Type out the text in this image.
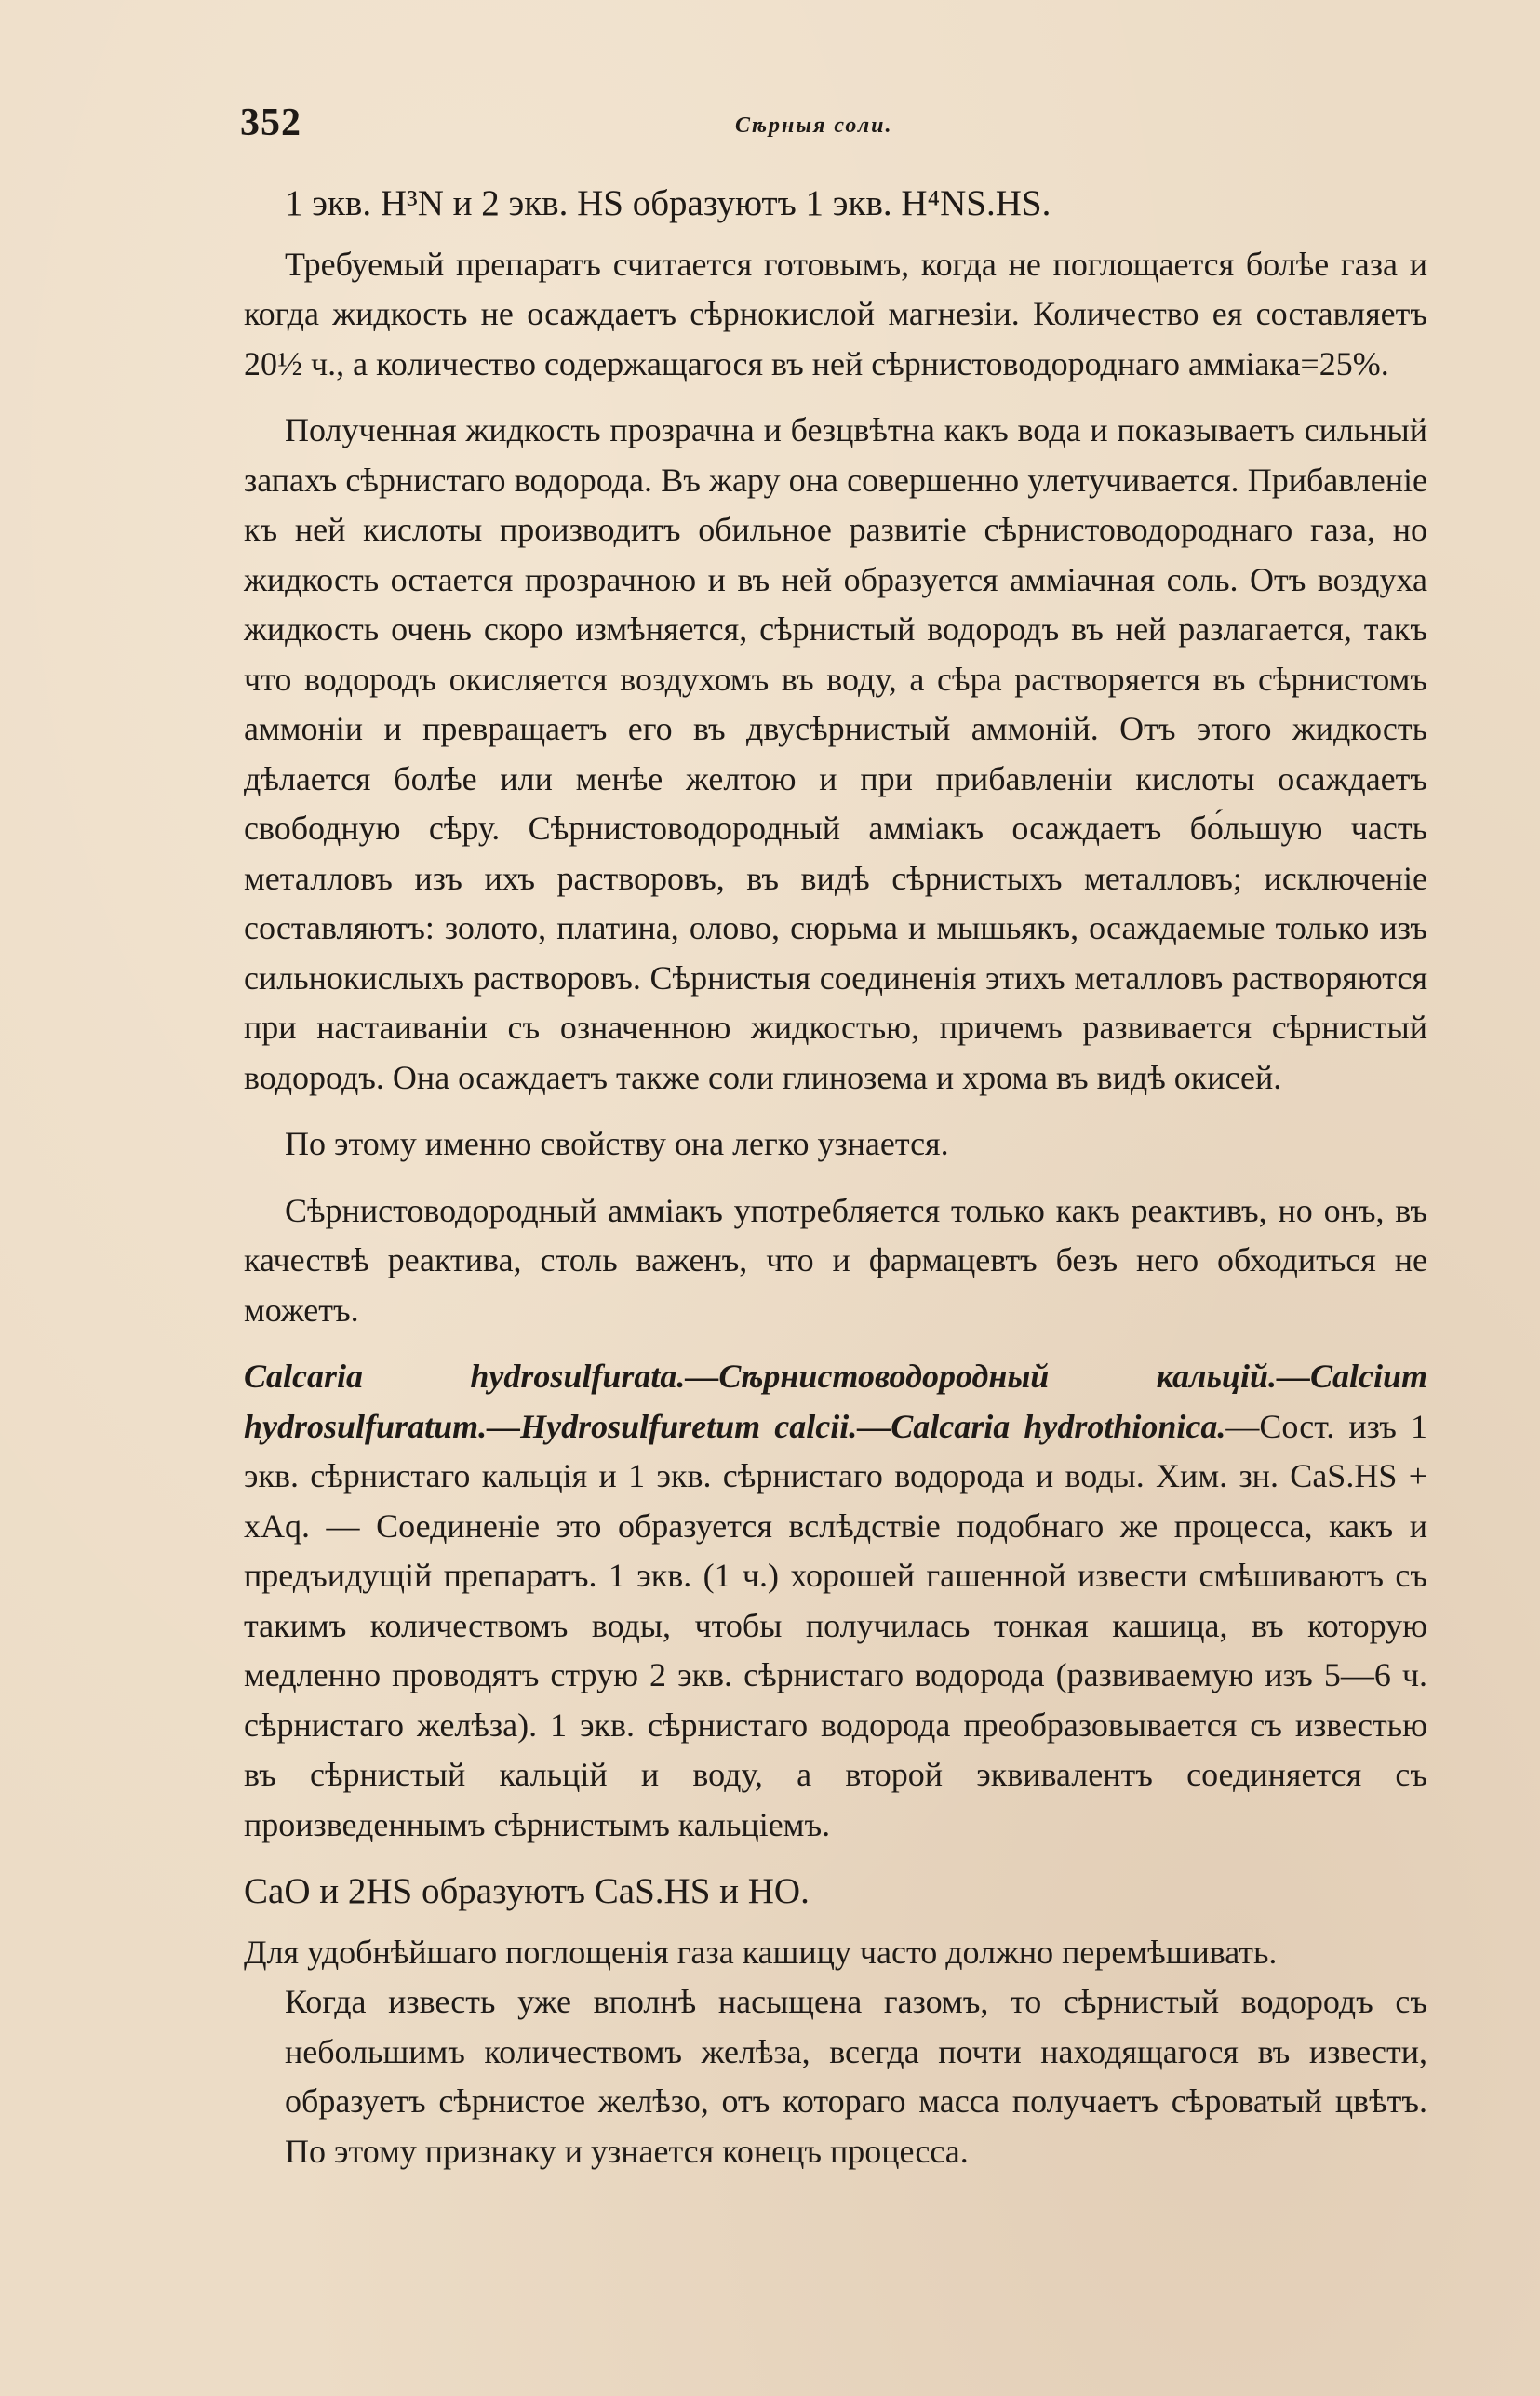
352	Сѣрныя соли.

1 экв. H³N и 2 экв. HS образуютъ 1 экв. H⁴NS.HS.

Требуемый препаратъ считается готовымъ, когда не поглощается болѣе газа и когда жидкость не осаждаетъ сѣрнокислой магнезіи. Количество ея составляетъ 20½ ч., а количество содержащагося въ ней сѣрнистоводороднаго амміака=25%.

Полученная жидкость прозрачна и безцвѣтна какъ вода и показываетъ сильный запахъ сѣрнистаго водорода. Въ жару она совершенно улетучивается. Прибавленіе къ ней кислоты производитъ обильное развитіе сѣрнистоводороднаго газа, но жидкость остается прозрачною и въ ней образуется амміачная соль. Отъ воздуха жидкость очень скоро измѣняется, сѣрнистый водородъ въ ней разлагается, такъ что водородъ окисляется воздухомъ въ воду, а сѣра растворяется въ сѣрнистомъ аммоніи и превращаетъ его въ двусѣрнистый аммоній. Отъ этого жидкость дѣлается болѣе или менѣе желтою и при прибавленіи кислоты осаждаетъ свободную сѣру. Сѣрнистоводородный амміакъ осаждаетъ бо́льшую часть металловъ изъ ихъ растворовъ, въ видѣ сѣрнистыхъ металловъ; исключеніе составляютъ: золото, платина, олово, сюрьма и мышьякъ, осаждаемые только изъ сильнокислыхъ растворовъ. Сѣрнистыя соединенія этихъ металловъ растворяются при настаиваніи съ означенною жидкостью, причемъ развивается сѣрнистый водородъ. Она осаждаетъ также соли глинозема и хрома въ видѣ окисей.

По этому именно свойству она легко узнается.

Сѣрнистоводородный амміакъ употребляется только какъ реактивъ, но онъ, въ качествѣ реактива, столь важенъ, что и фармацевтъ безъ него обходиться не можетъ.

Calcaria hydrosulfurata.—Сѣрнистоводородный кальцій.—Calcium hydrosulfuratum.—Hydrosulfuretum calcii.—Calcaria hydrothionica.—Сост. изъ 1 экв. сѣрнистаго кальція и 1 экв. сѣрнистаго водорода и воды. Хим. зн. CaS.HS + xAq. — Соединеніе это образуется вслѣдствіе подобнаго же процесса, какъ и предъидущій препаратъ. 1 экв. (1 ч.) хорошей гашенной извести смѣшиваютъ съ такимъ количествомъ воды, чтобы получилась тонкая кашица, въ которую медленно проводятъ струю 2 экв. сѣрнистаго водорода (развиваемую изъ 5—6 ч. сѣрнистаго желѣза). 1 экв. сѣрнистаго водорода преобразовывается съ известью въ сѣрнистый кальцій и воду, а второй эквивалентъ соединяется съ произведеннымъ сѣрнистымъ кальціемъ.

CaO и 2HS образуютъ CaS.HS и HO.

Для удобнѣйшаго поглощенія газа кашицу часто должно перемѣшивать.

Когда известь уже вполнѣ насыщена газомъ, то сѣрнистый водородъ съ небольшимъ количествомъ желѣза, всегда почти находящагося въ извести, образуетъ сѣрнистое желѣзо, отъ котораго масса получаетъ сѣроватый цвѣтъ. По этому признаку и узнается конецъ процесса.
